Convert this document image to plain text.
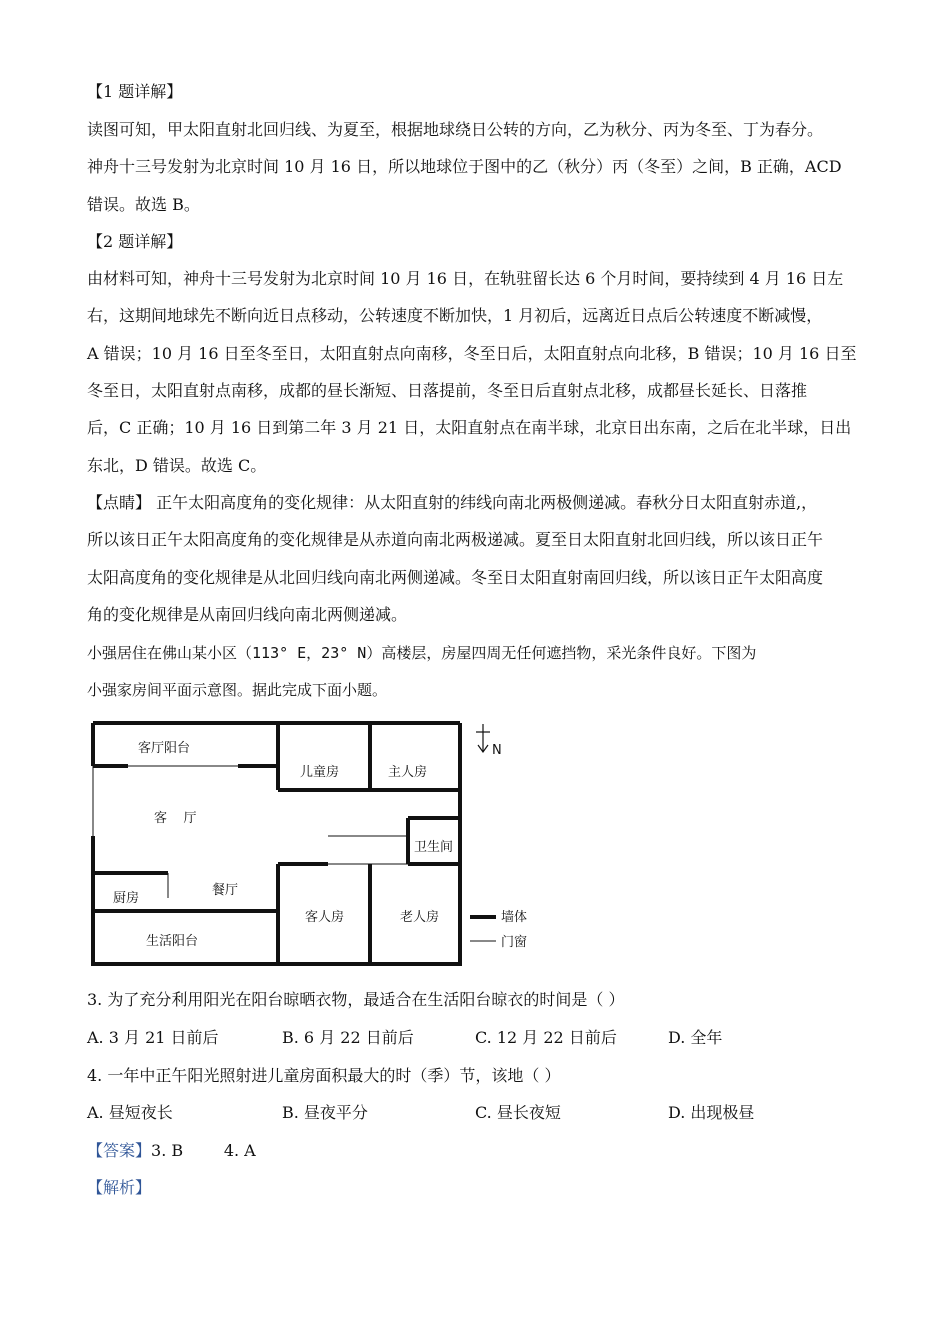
【1 题详解】
读图可知，甲太阳直射北回归线、为夏至，根据地球绕日公转的方向，乙为秋分、丙为冬至、丁为春分。
神舟十三号发射为北京时间 10 月 16 日，所以地球位于图中的乙（秋分）丙（冬至）之间，B 正确，ACD
错误。故选 B。
【2 题详解】
由材料可知，神舟十三号发射为北京时间 10 月 16 日，在轨驻留长达 6 个月时间，要持续到 4 月 16 日左
右，这期间地球先不断向近日点移动，公转速度不断加快，1 月初后，远离近日点后公转速度不断减慢，
A 错误；10 月 16 日至冬至日，太阳直射点向南移，冬至日后，太阳直射点向北移，B 错误；10 月 16 日至
冬至日，太阳直射点南移，成都的昼长渐短、日落提前，冬至日后直射点北移，成都昼长延长、日落推
后，C 正确；10 月 16 日到第二年 3 月 21 日，太阳直射点在南半球，北京日出东南，之后在北半球，日出
东北，D 错误。故选 C。
【点睛】 正午太阳高度角的变化规律：从太阳直射的纬线向南北两极侧递减。春秋分日太阳直射赤道,，
所以该日正午太阳高度角的变化规律是从赤道向南北两极递减。夏至日太阳直射北回归线，所以该日正午
太阳高度角的变化规律是从北回归线向南北两侧递减。冬至日太阳直射南回归线，所以该日正午太阳高度
角的变化规律是从南回归线向南北两侧递减。
小强居住在佛山某小区（113° E，23° N）高楼层，房屋四周无任何遮挡物，采光条件良好。下图为
小强家房间平面示意图。据此完成下面小题。
客厅阳台
儿童房	主人房
客    厅
卫生间
厨房
餐厅
客人房	老人房
生活阳台
N
墙体
门窗
3. 为了充分利用阳光在阳台晾晒衣物，最适合在生活阳台晾衣的时间是（ ）
A. 3 月 21 日前后	B. 6 月 22 日前后	C. 12 月 22 日前后	D. 全年
4. 一年中正午阳光照射进儿童房面积最大的时（季）节，该地（ ）
A. 昼短夜长	B. 昼夜平分	C. 昼长夜短	D. 出现极昼
【答案】3. B        4. A
【解析】
